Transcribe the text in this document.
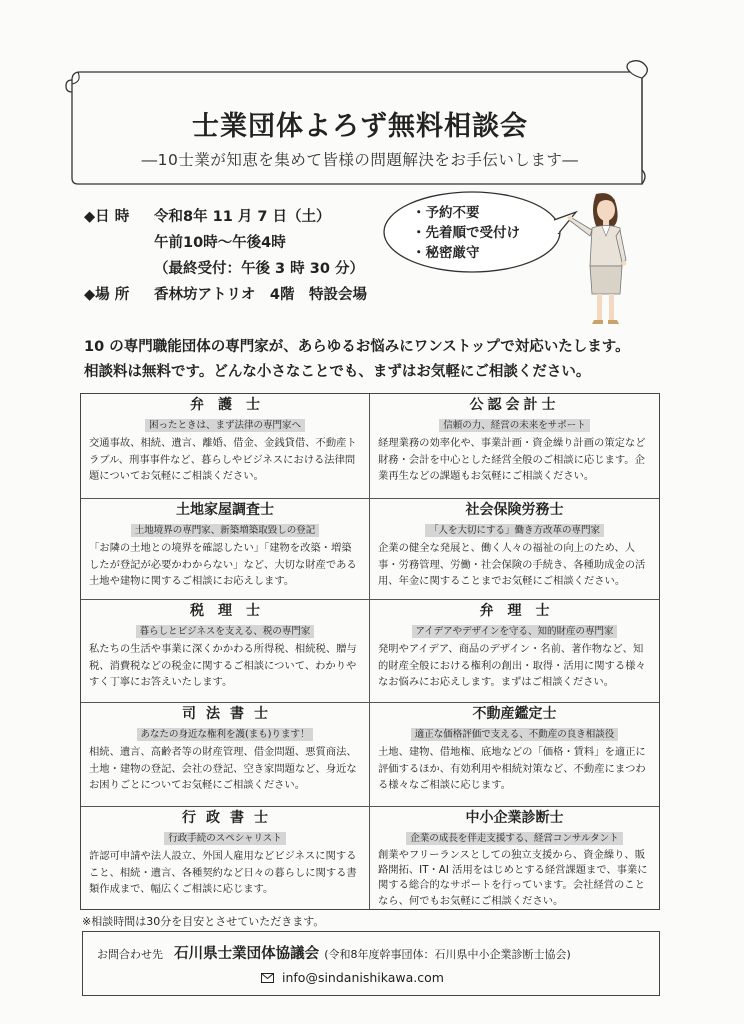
士業団体よろず無料相談会
―10士業が知恵を集めて皆様の問題解決をお手伝いします―
◆日 時 令和8年 11 月 7 日（土）
午前10時～午後4時
（最終受付：午後 3 時 30 分）
◆場 所 香林坊アトリオ　4階　特設会場
・予約不要
・先着順で受付け
・秘密厳守
10 の専門職能団体の専門家が、あらゆるお悩みにワンストップで対応いたします。
相談料は無料です。どんな小さなことでも、まずはお気軽にご相談ください。
弁護士
困ったときは、まず法律の専門家へ
交通事故、相続、遺言、離婚、借金、金銭貸借、不動産トラブル、刑事事件など、暮らしやビジネスにおける法律問題についてお気軽にご相談ください。
公認会計士
信頼の力、経営の未来をサポート
経理業務の効率化や、事業計画・資金繰り計画の策定など財務・会計を中心とした経営全般のご相談に応じます。企業再生などの課題もお気軽にご相談ください。
土地家屋調査士
土地境界の専門家、新築増築取毀しの登記
「お隣の土地との境界を確認したい」「建物を改築・増築したが登記が必要かわからない」など、大切な財産である土地や建物に関するご相談にお応えします。
社会保険労務士
「人を大切にする」働き方改革の専門家
企業の健全な発展と、働く人々の福祉の向上のため、人事・労務管理、労働・社会保険の手続き、各種助成金の活用、年金に関することまでお気軽にご相談ください。
税理士
暮らしとビジネスを支える、税の専門家
私たちの生活や事業に深くかかわる所得税、相続税、贈与税、消費税などの税金に関するご相談について、わかりやすく丁寧にお答えいたします。
弁理士
アイデアやデザインを守る、知的財産の専門家
発明やアイデア、商品のデザイン・名前、著作物など、知的財産全般における権利の創出・取得・活用に関する様々なお悩みにお応えします。まずはご相談ください。
司法書士
あなたの身近な権利を護(まも)ります！
相続、遺言、高齢者等の財産管理、借金問題、悪質商法、土地・建物の登記、会社の登記、空き家問題など、身近なお困りごとについてお気軽にご相談ください。
不動産鑑定士
適正な価格評価で支える、不動産の良き相談役
土地、建物、借地権、底地などの「価格・賃料」を適正に評価するほか、有効利用や相続対策など、不動産にまつわる様々なご相談に応じます。
行政書士
行政手続のスペシャリスト
許認可申請や法人設立、外国人雇用などビジネスに関すること、相続・遺言、各種契約など日々の暮らしに関する書類作成まで、幅広くご相談に応じます。
中小企業診断士
企業の成長を伴走支援する、経営コンサルタント
創業やフリーランスとしての独立支援から、資金繰り、販路開拓、IT・AI 活用をはじめとする経営課題まで、事業に関する総合的なサポートを行っています。会社経営のことなら、何でもお気軽にご相談ください。
※相談時間は30分を目安とさせていただきます。
お問合わせ先 石川県士業団体協議会 (令和8年度幹事団体：石川県中小企業診断士協会)
info@sindanishikawa.com
